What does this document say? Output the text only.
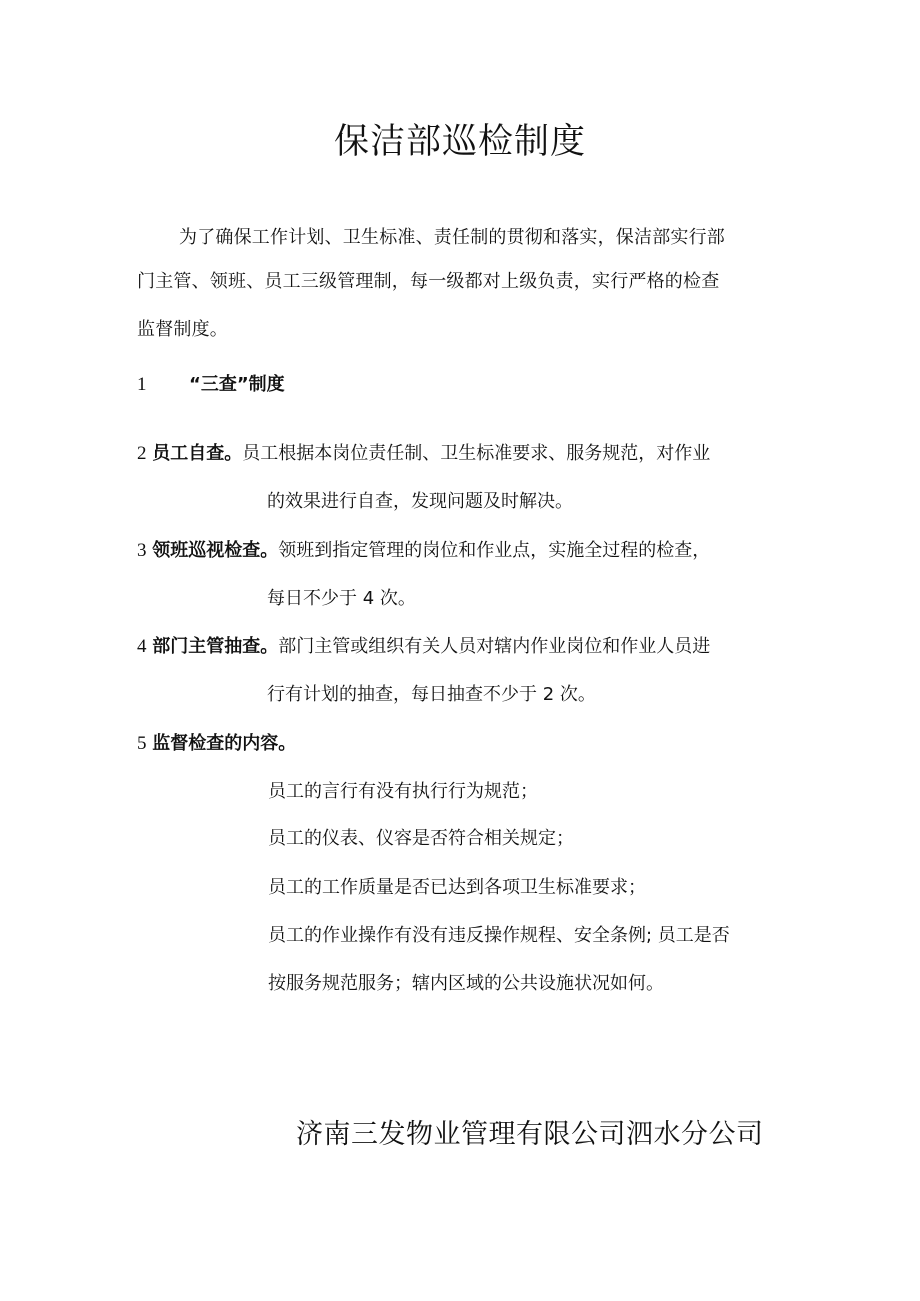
保洁部巡检制度
为了确保工作计划、卫生标准、责任制的贯彻和落实，保洁部实行部
门主管、领班、员工三级管理制，每一级都对上级负责，实行严格的检查
监督制度。
1 “三查”制度
2 员工自查。员工根据本岗位责任制、卫生标准要求、服务规范，对作业
的效果进行自查，发现问题及时解决。
3 领班巡视检查。领班到指定管理的岗位和作业点，实施全过程的检查，
每日不少于 4 次。
4 部门主管抽查。部门主管或组织有关人员对辖内作业岗位和作业人员进
行有计划的抽查，每日抽查不少于 2 次。
5 监督检查的内容。
员工的言行有没有执行行为规范；
员工的仪表、仪容是否符合相关规定；
员工的工作质量是否已达到各项卫生标准要求；
员工的作业操作有没有违反操作规程、安全条例; 员工是否
按服务规范服务；辖内区域的公共设施状况如何。
济南三发物业管理有限公司泗水分公司
